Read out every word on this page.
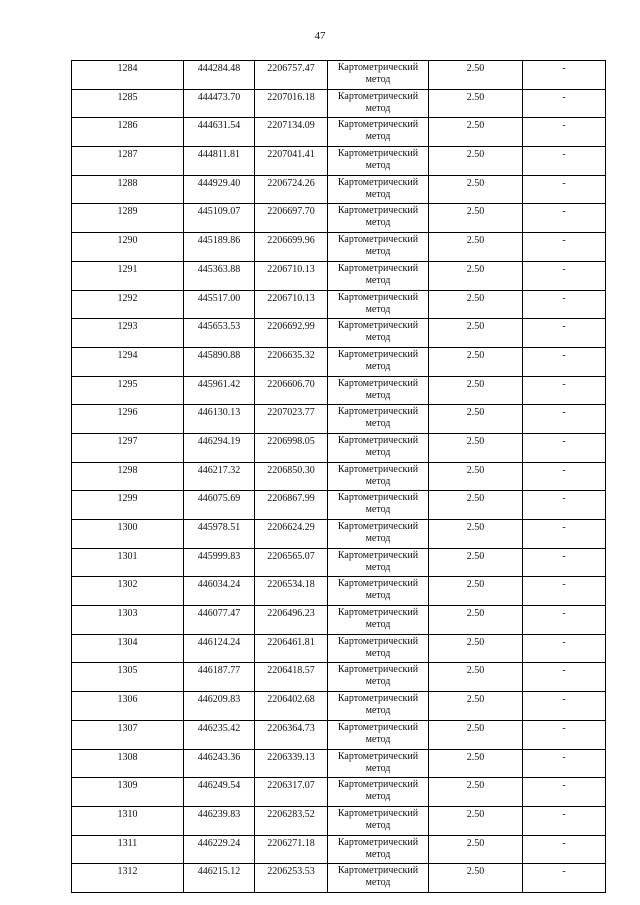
47
1284	444284.48	2206757.47	Картометрический метод	2.50	-
1285	444473.70	2207016.18	Картометрический метод	2.50	-
1286	444631.54	2207134.09	Картометрический метод	2.50	-
1287	444811.81	2207041.41	Картометрический метод	2.50	-
1288	444929.40	2206724.26	Картометрический метод	2.50	-
1289	445109.07	2206697.70	Картометрический метод	2.50	-
1290	445189.86	2206699.96	Картометрический метод	2.50	-
1291	445363.88	2206710.13	Картометрический метод	2.50	-
1292	445517.00	2206710.13	Картометрический метод	2.50	-
1293	445653.53	2206692.99	Картометрический метод	2.50	-
1294	445890.88	2206635.32	Картометрический метод	2.50	-
1295	445961.42	2206606.70	Картометрический метод	2.50	-
1296	446130.13	2207023.77	Картометрический метод	2.50	-
1297	446294.19	2206998.05	Картометрический метод	2.50	-
1298	446217.32	2206850.30	Картометрический метод	2.50	-
1299	446075.69	2206867.99	Картометрический метод	2.50	-
1300	445978.51	2206624.29	Картометрический метод	2.50	-
1301	445999.83	2206565.07	Картометрический метод	2.50	-
1302	446034.24	2206534.18	Картометрический метод	2.50	-
1303	446077.47	2206496.23	Картометрический метод	2.50	-
1304	446124.24	2206461.81	Картометрический метод	2.50	-
1305	446187.77	2206418.57	Картометрический метод	2.50	-
1306	446209.83	2206402.68	Картометрический метод	2.50	-
1307	446235.42	2206364.73	Картометрический метод	2.50	-
1308	446243.36	2206339.13	Картометрический метод	2.50	-
1309	446249.54	2206317.07	Картометрический метод	2.50	-
1310	446239.83	2206283.52	Картометрический метод	2.50	-
1311	446229.24	2206271.18	Картометрический метод	2.50	-
1312	446215.12	2206253.53	Картометрический метод	2.50	-
